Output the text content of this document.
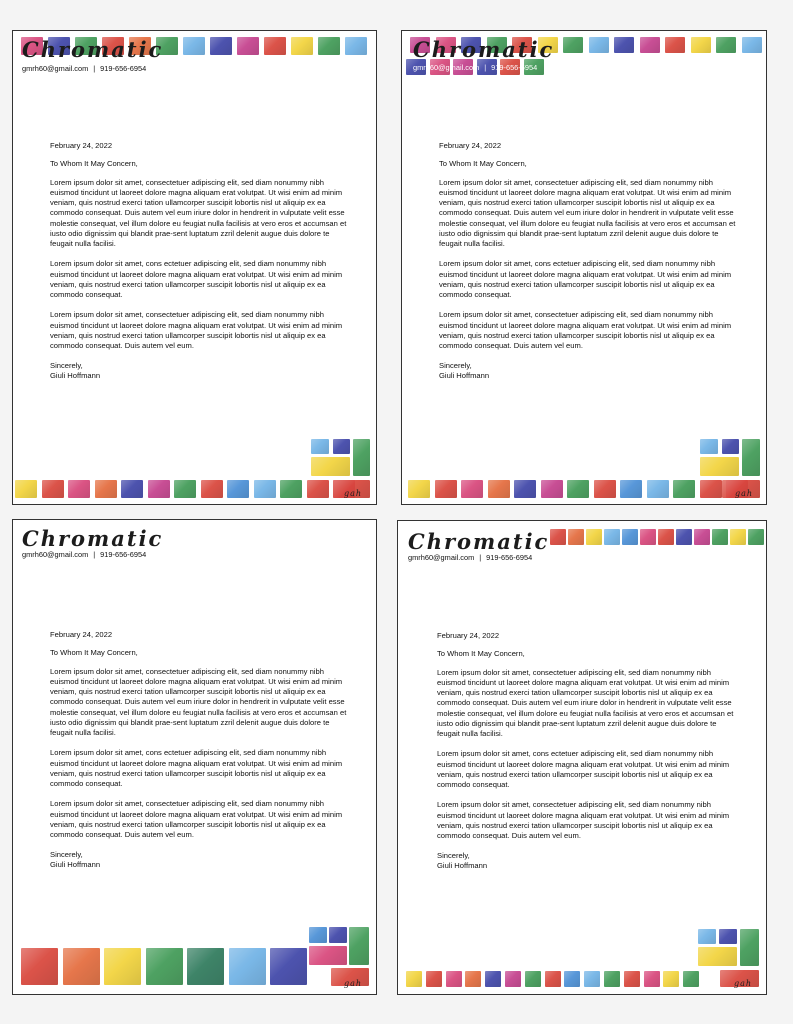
Chromatic
gmrh60@gmail.com | 919-656-6954

February 24, 2022

To Whom It May Concern,

Lorem ipsum dolor sit amet, consectetuer adipiscing elit, sed diam nonummy nibh euismod tincidunt ut laoreet dolore magna aliquam erat volutpat. Ut wisi enim ad minim veniam, quis nostrud exerci tation ullamcorper suscipit lobortis nisl ut aliquip ex ea commodo consequat. Duis autem vel eum iriure dolor in hendrerit in vulputate velit esse molestie consequat, vel illum dolore eu feugiat nulla facilisis at vero eros et accumsan et iusto odio dignissim qui blandit prae-sent luptatum zzril delenit augue duis dolore te feugait nulla facilisi.

Lorem ipsum dolor sit amet, cons ectetuer adipiscing elit, sed diam nonummy nibh euismod tincidunt ut laoreet dolore magna aliquam erat volutpat. Ut wisi enim ad minim veniam, quis nostrud exerci tation ullamcorper suscipit lobortis nisl ut aliquip ex ea commodo consequat.

Lorem ipsum dolor sit amet, consectetuer adipiscing elit, sed diam nonummy nibh euismod tincidunt ut laoreet dolore magna aliquam erat volutpat. Ut wisi enim ad minim veniam, quis nostrud exerci tation ullamcorper suscipit lobortis nisl ut aliquip ex ea commodo consequat. Duis autem vel eum.

Sincerely,

Giuli Hoffmann

gah
Chromatic
gmrh60@gmail.com | 919-656-6954

February 24, 2022

To Whom It May Concern,

Lorem ipsum dolor sit amet, consectetuer adipiscing elit, sed diam nonummy nibh euismod tincidunt ut laoreet dolore magna aliquam erat volutpat. Ut wisi enim ad minim veniam, quis nostrud exerci tation ullamcorper suscipit lobortis nisl ut aliquip ex ea commodo consequat. Duis autem vel eum iriure dolor in hendrerit in vulputate velit esse molestie consequat, vel illum dolore eu feugiat nulla facilisis at vero eros et accumsan et iusto odio dignissim qui blandit prae-sent luptatum zzril delenit augue duis dolore te feugait nulla facilisi.

Lorem ipsum dolor sit amet, cons ectetuer adipiscing elit, sed diam nonummy nibh euismod tincidunt ut laoreet dolore magna aliquam erat volutpat. Ut wisi enim ad minim veniam, quis nostrud exerci tation ullamcorper suscipit lobortis nisl ut aliquip ex ea commodo consequat.

Lorem ipsum dolor sit amet, consectetuer adipiscing elit, sed diam nonummy nibh euismod tincidunt ut laoreet dolore magna aliquam erat volutpat. Ut wisi enim ad minim veniam, quis nostrud exerci tation ullamcorper suscipit lobortis nisl ut aliquip ex ea commodo consequat. Duis autem vel eum.

Sincerely,

Giuli Hoffmann

gah
Chromatic
gmrh60@gmail.com | 919-656-6954

February 24, 2022

To Whom It May Concern,

Lorem ipsum dolor sit amet, consectetuer adipiscing elit, sed diam nonummy nibh euismod tincidunt ut laoreet dolore magna aliquam erat volutpat. Ut wisi enim ad minim veniam, quis nostrud exerci tation ullamcorper suscipit lobortis nisl ut aliquip ex ea commodo consequat. Duis autem vel eum iriure dolor in hendrerit in vulputate velit esse molestie consequat, vel illum dolore eu feugiat nulla facilisis at vero eros et accumsan et iusto odio dignissim qui blandit prae-sent luptatum zzril delenit augue duis dolore te feugait nulla facilisi.

Lorem ipsum dolor sit amet, cons ectetuer adipiscing elit, sed diam nonummy nibh euismod tincidunt ut laoreet dolore magna aliquam erat volutpat. Ut wisi enim ad minim veniam, quis nostrud exerci tation ullamcorper suscipit lobortis nisl ut aliquip ex ea commodo consequat.

Lorem ipsum dolor sit amet, consectetuer adipiscing elit, sed diam nonummy nibh euismod tincidunt ut laoreet dolore magna aliquam erat volutpat. Ut wisi enim ad minim veniam, quis nostrud exerci tation ullamcorper suscipit lobortis nisl ut aliquip ex ea commodo consequat. Duis autem vel eum.

Sincerely,

Giuli Hoffmann

gah
Chromatic
gmrh60@gmail.com | 919-656-6954

February 24, 2022

To Whom It May Concern,

Lorem ipsum dolor sit amet, consectetuer adipiscing elit, sed diam nonummy nibh euismod tincidunt ut laoreet dolore magna aliquam erat volutpat. Ut wisi enim ad minim veniam, quis nostrud exerci tation ullamcorper suscipit lobortis nisl ut aliquip ex ea commodo consequat. Duis autem vel eum iriure dolor in hendrerit in vulputate velit esse molestie consequat, vel illum dolore eu feugiat nulla facilisis at vero eros et accumsan et iusto odio dignissim qui blandit prae-sent luptatum zzril delenit augue duis dolore te feugait nulla facilisi.

Lorem ipsum dolor sit amet, cons ectetuer adipiscing elit, sed diam nonummy nibh euismod tincidunt ut laoreet dolore magna aliquam erat volutpat. Ut wisi enim ad minim veniam, quis nostrud exerci tation ullamcorper suscipit lobortis nisl ut aliquip ex ea commodo consequat.

Lorem ipsum dolor sit amet, consectetuer adipiscing elit, sed diam nonummy nibh euismod tincidunt ut laoreet dolore magna aliquam erat volutpat. Ut wisi enim ad minim veniam, quis nostrud exerci tation ullamcorper suscipit lobortis nisl ut aliquip ex ea commodo consequat. Duis autem vel eum.

Sincerely,

Giuli Hoffmann

gah
